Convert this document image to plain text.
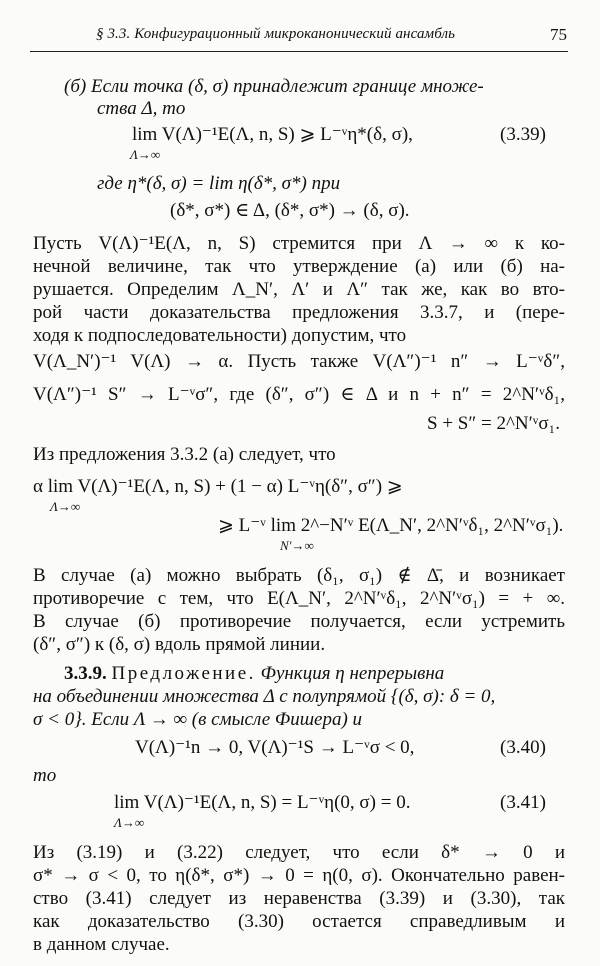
§ 3.3. Конфигурационный микроканонический ансамбль	75
(б) Если точка (δ, σ) принадлежит границе множе-
ства Δ, то
lim V(Λ)⁻¹E(Λ, n, S) ⩾ L⁻ᵛη*(δ, σ),
Λ→∞
(3.39)
где η*(δ, σ) = lim η(δ*, σ*) при
(δ*, σ*) ∈ Δ, (δ*, σ*) → (δ, σ).
Пусть V(Λ)⁻¹E(Λ, n, S) стремится при Λ → ∞ к ко-
нечной величине, так что утверждение (а) или (б) на-
рушается. Определим Λ_N′, Λ′ и Λ″ так же, как во вто-
рой части доказательства предложения 3.3.7, и (пере-
ходя к подпоследовательности) допустим, что
V(Λ_N′)⁻¹ V(Λ) → α. Пусть также V(Λ″)⁻¹ n″ → L⁻ᵛδ″,
V(Λ″)⁻¹ S″ → L⁻ᵛσ″, где (δ″, σ″) ∈ Δ и n + n″ = 2^N′ᵛδ₁,
S + S″ = 2^N′ᵛσ₁.
Из предложения 3.3.2 (а) следует, что
α lim V(Λ)⁻¹E(Λ, n, S) + (1 − α) L⁻ᵛη(δ″, σ″) ⩾
Λ→∞
⩾ L⁻ᵛ lim 2^−N′ᵛ E(Λ_N′, 2^N′ᵛδ₁, 2^N′ᵛσ₁).
N′→∞
В случае (а) можно выбрать (δ₁, σ₁) ∉ Δ̄, и возникает
противоречие с тем, что E(Λ_N′, 2^N′ᵛδ₁, 2^N′ᵛσ₁) = + ∞.
В случае (б) противоречие получается, если устремить
(δ″, σ″) к (δ, σ) вдоль прямой линии.
3.3.9. Предложение. Функция η непрерывна
на объединении множества Δ с полупрямой {(δ, σ): δ = 0,
σ < 0}. Если Λ → ∞ (в смысле Фишера) и
V(Λ)⁻¹n → 0, V(Λ)⁻¹S → L⁻ᵛσ < 0,	(3.40)
то
lim V(Λ)⁻¹E(Λ, n, S) = L⁻ᵛη(0, σ) = 0.
Λ→∞
(3.41)
Из (3.19) и (3.22) следует, что если δ* → 0 и
σ* → σ < 0, то η(δ*, σ*) → 0 = η(0, σ). Окончательно равен-
ство (3.41) следует из неравенства (3.39) и (3.30), так
как доказательство (3.30) остается справедливым и
в данном случае.
